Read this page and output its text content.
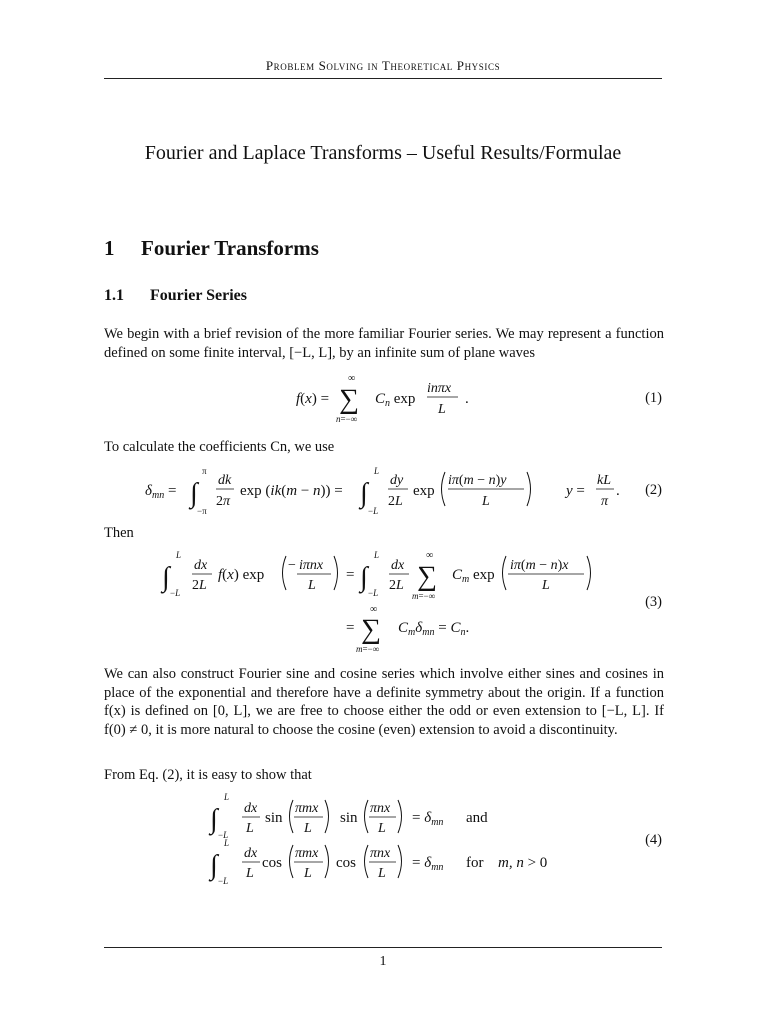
Problem Solving in Theoretical Physics
Fourier and Laplace Transforms – Useful Results/Formulae
1 Fourier Transforms
1.1 Fourier Series
We begin with a brief revision of the more familiar Fourier series. We may represent a function defined on some finite interval, [−L, L], by an infinite sum of plane waves
f(x) =
∞
∑
n=−∞
$C_n$ exp
inπx
L
.	(1)
To calculate the coefficients Cn, we use
$\delta_{mn}$ = ∫
π
−π
dk
2π
exp (ik(m − n)) = ∫
L
−L
dy
2L
exp
iπ(m − n)y
L
y =
kL
π
. (2)
Then
∫
L
−L
dx
2L
f(x) exp
− iπnx
L
= ∫
L
−L
dx
2L
∞
∑
m=−∞
$C_m$ exp
iπ(m − n)x
L
=
∞
∑
m=−∞
$C_m\delta_{mn} = C_n$.
(3)
We can also construct Fourier sine and cosine series which involve either sines and cosines in place of the exponential and therefore have a definite symmetry about the origin. If a function f(x) is defined on [0, L], we are free to choose either the odd or even extension to [−L, L]. If f(0) ≠ 0, it is more natural to choose the cosine (even) extension to avoid a discontinuity.
From Eq. (2), it is easy to show that
∫
L
−L
dx
L
sin
πmx
L
sin
πnx
L
= $\delta_{mn}$ and
∫
L
−L
dx
L
cos
πmx
L
cos
πnx
L
= $\delta_{mn}$ for m, n > 0
(4)
1
